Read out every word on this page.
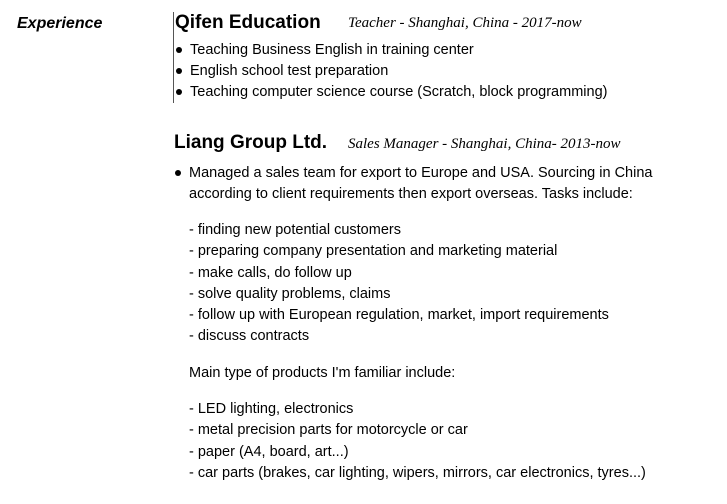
Experience	Qifen Education Teacher - Shanghai, China - 2017-now
Teaching Business English in training center
English school test preparation
Teaching computer science course (Scratch, block programming)
Liang Group Ltd. Sales Manager - Shanghai, China- 2013-now
Managed a sales team for export to Europe and USA. Sourcing in China
according to client requirements then export overseas. Tasks include:
- finding new potential customers
- preparing company presentation and marketing material
- make calls, do follow up
- solve quality problems, claims
- follow up with European regulation, market, import requirements
- discuss contracts
Main type of products I'm familiar include:
- LED lighting, electronics
- metal precision parts for motorcycle or car
- paper (A4, board, art...)
- car parts (brakes, car lighting, wipers, mirrors, car electronics, tyres...)
